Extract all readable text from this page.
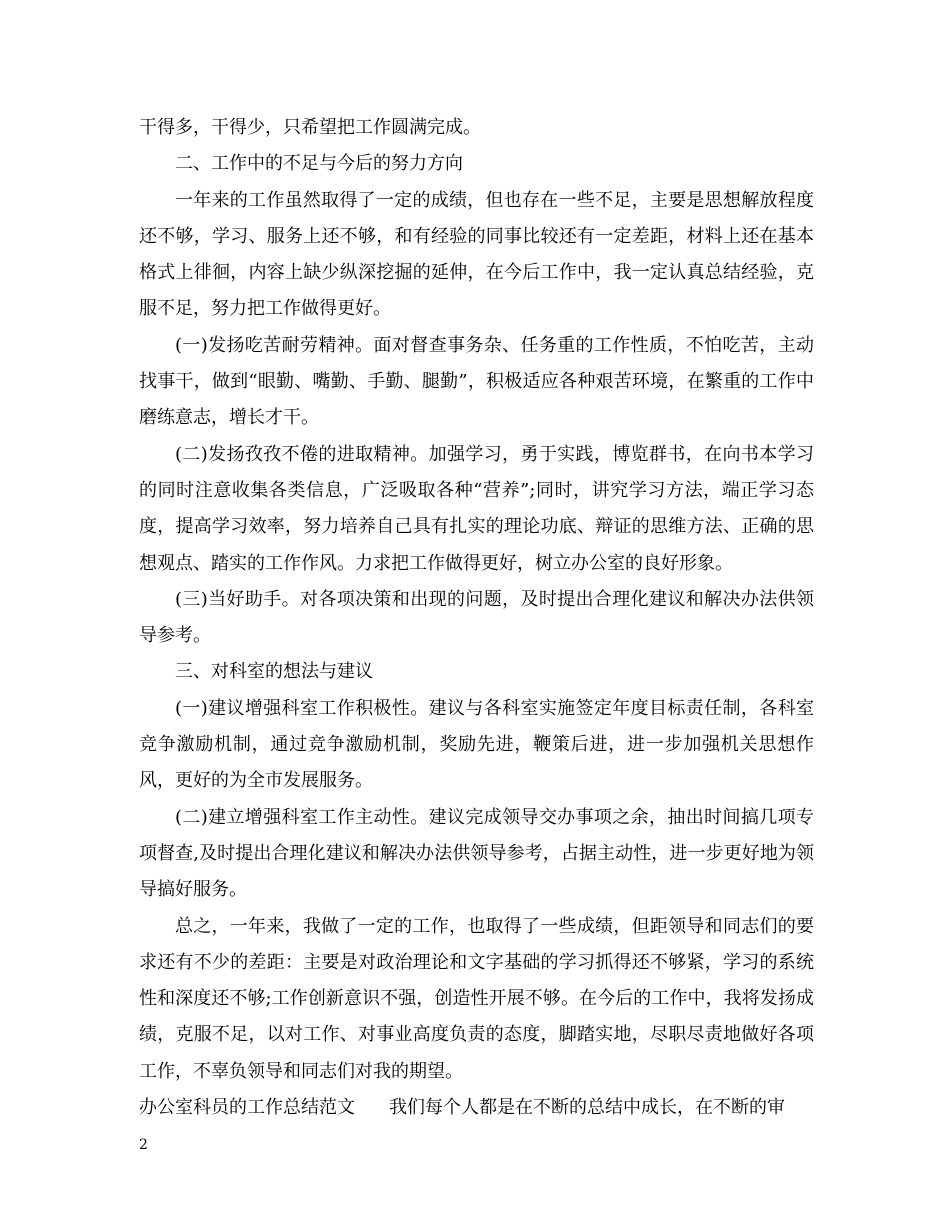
干得多，干得少，只希望把工作圆满完成。

二、工作中的不足与今后的努力方向

一年来的工作虽然取得了一定的成绩，但也存在一些不足，主要是思想解放程度还不够，学习、服务上还不够，和有经验的同事比较还有一定差距，材料上还在基本格式上徘徊，内容上缺少纵深挖掘的延伸，在今后工作中，我一定认真总结经验，克服不足，努力把工作做得更好。

(一)发扬吃苦耐劳精神。面对督查事务杂、任务重的工作性质，不怕吃苦，主动找事干，做到“眼勤、嘴勤、手勤、腿勤”，积极适应各种艰苦环境，在繁重的工作中磨练意志，增长才干。

(二)发扬孜孜不倦的进取精神。加强学习，勇于实践，博览群书，在向书本学习的同时注意收集各类信息，广泛吸取各种“营养”;同时，讲究学习方法，端正学习态度，提高学习效率，努力培养自己具有扎实的理论功底、辩证的思维方法、正确的思想观点、踏实的工作作风。力求把工作做得更好，树立办公室的良好形象。

(三)当好助手。对各项决策和出现的问题，及时提出合理化建议和解决办法供领导参考。

三、对科室的想法与建议

(一)建议增强科室工作积极性。建议与各科室实施签定年度目标责任制，各科室竞争激励机制，通过竞争激励机制，奖励先进，鞭策后进，进一步加强机关思想作风，更好的为全市发展服务。

(二)建立增强科室工作主动性。建议完成领导交办事项之余，抽出时间搞几项专项督查,及时提出合理化建议和解决办法供领导参考，占据主动性，进一步更好地为领导搞好服务。

总之，一年来，我做了一定的工作，也取得了一些成绩，但距领导和同志们的要求还有不少的差距：主要是对政治理论和文字基础的学习抓得还不够紧，学习的系统性和深度还不够;工作创新意识不强，创造性开展不够。在今后的工作中，我将发扬成绩，克服不足，以对工作、对事业高度负责的态度，脚踏实地，尽职尽责地做好各项工作，不辜负领导和同志们对我的期望。

办公室科员的工作总结范文 我们每个人都是在不断的总结中成长，在不断的审

2
